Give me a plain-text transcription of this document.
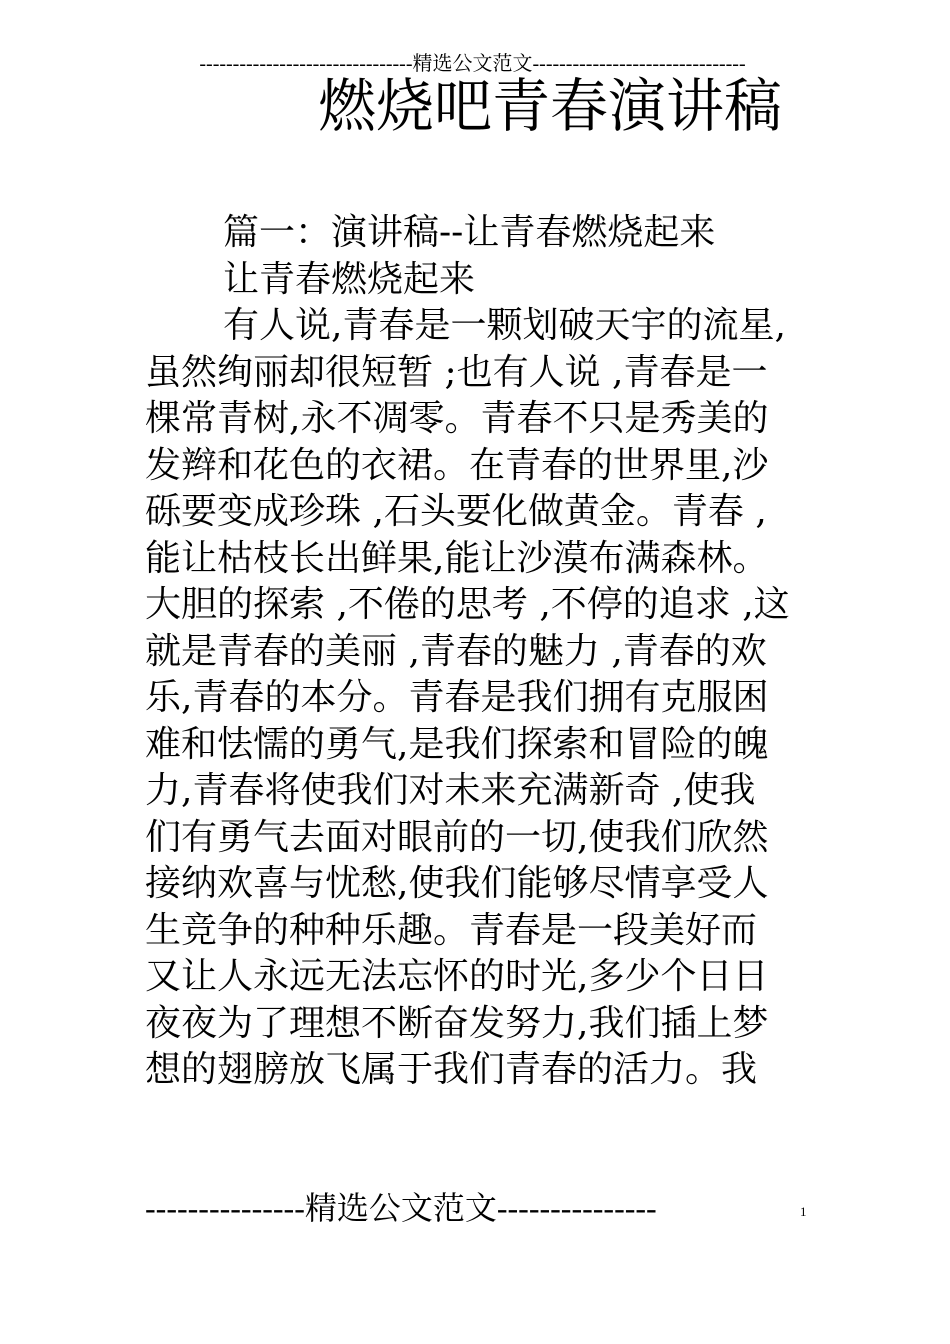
--------------------------------精选公文范文--------------------------------
燃烧吧青春演讲稿
篇一：演讲稿--让青春燃烧起来
让青春燃烧起来
有人说,青春是一颗划破天宇的流星,
虽然绚丽却很短暂 ;也有人说 ,青春是一
棵常青树,永不凋零。青春不只是秀美的
发辫和花色的衣裙。在青春的世界里,沙
砾要变成珍珠 ,石头要化做黄金。青春 ,
能让枯枝长出鲜果,能让沙漠布满森林。
大胆的探索 ,不倦的思考 ,不停的追求 ,这
就是青春的美丽 ,青春的魅力 ,青春的欢
乐,青春的本分。青春是我们拥有克服困
难和怯懦的勇气,是我们探索和冒险的魄
力,青春将使我们对未来充满新奇 ,使我
们有勇气去面对眼前的一切,使我们欣然
接纳欢喜与忧愁,使我们能够尽情享受人
生竞争的种种乐趣。青春是一段美好而
又让人永远无法忘怀的时光,多少个日日
夜夜为了理想不断奋发努力,我们插上梦
想的翅膀放飞属于我们青春的活力。我
---------------精选公文范文---------------	1
